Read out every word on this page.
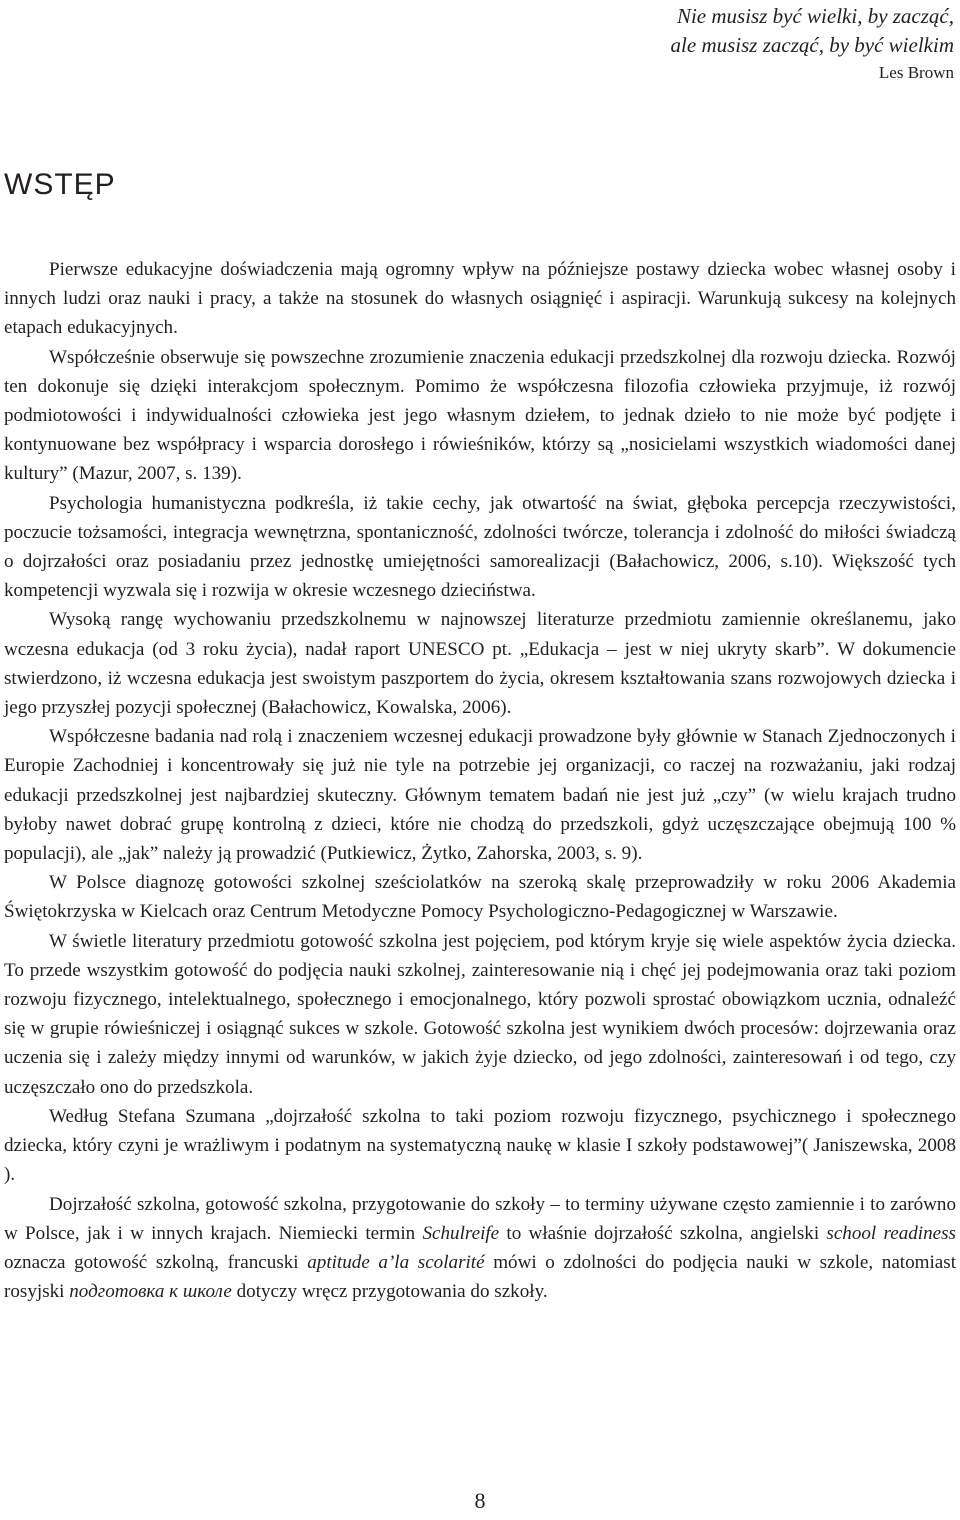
Nie musisz być wielki, by zacząć,
ale musisz zacząć, by być wielkim
Les Brown
WSTĘP

Pierwsze edukacyjne doświadczenia mają ogromny wpływ na późniejsze postawy dziecka wobec własnej osoby i innych ludzi oraz nauki i pracy, a także na stosunek do własnych osiągnięć i aspiracji. Warunkują sukcesy na kolejnych etapach edukacyjnych.

Współcześnie obserwuje się powszechne zrozumienie znaczenia edukacji przedszkolnej dla rozwoju dziecka. Rozwój ten dokonuje się dzięki interakcjom społecznym. Pomimo że współczesna filozofia człowieka przyjmuje, iż rozwój podmiotowości i indywidualności człowieka jest jego własnym dziełem, to jednak dzieło to nie może być podjęte i kontynuowane bez współpracy i wsparcia dorosłego i rówieśników, którzy są „nosicielami wszystkich wiadomości danej kultury” (Mazur, 2007, s. 139).

Psychologia humanistyczna podkreśla, iż takie cechy, jak otwartość na świat, głęboka percepcja rzeczywistości, poczucie tożsamości, integracja wewnętrzna, spontaniczność, zdolności twórcze, tolerancja i zdolność do miłości świadczą o dojrzałości oraz posiadaniu przez jednostkę umiejętności samorealizacji (Bałachowicz, 2006, s.10). Większość tych kompetencji wyzwala się i rozwija w okresie wczesnego dzieciństwa.

Wysoką rangę wychowaniu przedszkolnemu w najnowszej literaturze przedmiotu zamiennie określanemu, jako wczesna edukacja (od 3 roku życia), nadał raport UNESCO pt. „Edukacja – jest w niej ukryty skarb”. W dokumencie stwierdzono, iż wczesna edukacja jest swoistym paszportem do życia, okresem kształtowania szans rozwojowych dziecka i jego przyszłej pozycji społecznej (Bałachowicz, Kowalska, 2006).

Współczesne badania nad rolą i znaczeniem wczesnej edukacji prowadzone były głównie w Stanach Zjednoczonych i Europie Zachodniej i koncentrowały się już nie tyle na potrzebie jej organizacji, co raczej na rozważaniu, jaki rodzaj edukacji przedszkolnej jest najbardziej skuteczny. Głównym tematem badań nie jest już „czy” (w wielu krajach trudno byłoby nawet dobrać grupę kontrolną z dzieci, które nie chodzą do przedszkoli, gdyż uczęszczające obejmują 100 % populacji), ale „jak” należy ją prowadzić (Putkiewicz, Żytko, Zahorska, 2003, s. 9).

W Polsce diagnozę gotowości szkolnej sześciolatków na szeroką skalę przeprowadziły w roku 2006 Akademia Świętokrzyska w Kielcach oraz Centrum Metodyczne Pomocy Psychologiczno-Pedagogicznej w Warszawie.

W świetle literatury przedmiotu gotowość szkolna jest pojęciem, pod którym kryje się wiele aspektów życia dziecka. To przede wszystkim gotowość do podjęcia nauki szkolnej, zainteresowanie nią i chęć jej podejmowania oraz taki poziom rozwoju fizycznego, intelektualnego, społecznego i emocjonalnego, który pozwoli sprostać obowiązkom ucznia, odnaleźć się w grupie rówieśniczej i osiągnąć sukces w szkole. Gotowość szkolna jest wynikiem dwóch procesów: dojrzewania oraz uczenia się i zależy między innymi od warunków, w jakich żyje dziecko, od jego zdolności, zainteresowań i od tego, czy uczęszczało ono do przedszkola.

Według Stefana Szumana „dojrzałość szkolna to taki poziom rozwoju fizycznego, psychicznego i społecznego dziecka, który czyni je wrażliwym i podatnym na systematyczną naukę w klasie I szkoły podstawowej”( Janiszewska, 2008 ).

Dojrzałość szkolna, gotowość szkolna, przygotowanie do szkoły – to terminy używane często zamiennie i to zarówno w Polsce, jak i w innych krajach. Niemiecki termin Schulreife to właśnie dojrzałość szkolna, angielski school readiness oznacza gotowość szkolną, francuski aptitude a’la scolarité mówi o zdolności do podjęcia nauki w szkole, natomiast rosyjski подготовка к школе dotyczy wręcz przygotowania do szkoły.

8
